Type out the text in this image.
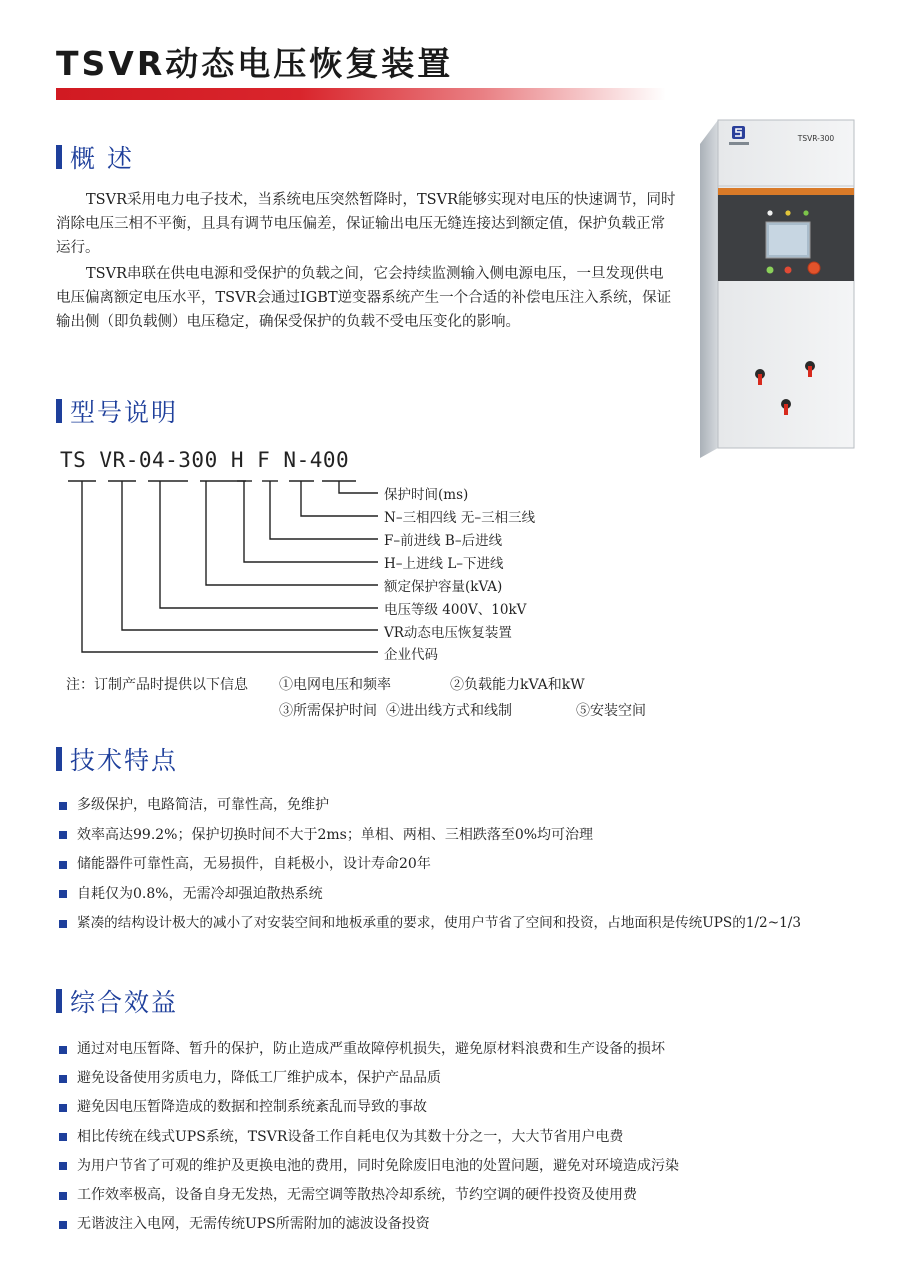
TSVR动态电压恢复装置
概 述

TSVR采用电力电子技术，当系统电压突然暂降时，TSVR能够实现对电压的快速调节，同时消除电压三相不平衡，且具有调节电压偏差，保证输出电压无缝连接达到额定值，保护负载正常运行。

TSVR串联在供电电源和受保护的负载之间，它会持续监测输入侧电源电压，一旦发现供电电压偏离额定电压水平，TSVR会通过IGBT逆变器系统产生一个合适的补偿电压注入系统，保证输出侧（即负载侧）电压稳定，确保受保护的负载不受电压变化的影响。

TSVR-300
型号说明

TS VR-04-300 H F N-400

保护时间(ms)

N–三相四线 无–三相三线

F–前进线 B–后进线

H–上进线 L–下进线

额定保护容量(kVA)

电压等级 400V、10kV

VR动态电压恢复装置

企业代码

注：订制产品时提供以下信息 ①电网电压和频率	②负载能力kVA和kW

③所需保护时间 ④进出线方式和线制	⑤安装空间

技术特点
多级保护，电路简洁，可靠性高，免维护
效率高达99.2%；保护切换时间不大于2ms；单相、两相、三相跌落至0%均可治理
储能器件可靠性高，无易损件，自耗极小，设计寿命20年
自耗仅为0.8%，无需冷却强迫散热系统
紧凑的结构设计极大的减小了对安装空间和地板承重的要求，使用户节省了空间和投资，占地面积是传统UPS的1/2~1/3
综合效益
通过对电压暂降、暂升的保护，防止造成严重故障停机损失，避免原材料浪费和生产设备的损坏
避免设备使用劣质电力，降低工厂维护成本，保护产品品质
避免因电压暂降造成的数据和控制系统紊乱而导致的事故
相比传统在线式UPS系统，TSVR设备工作自耗电仅为其数十分之一，大大节省用户电费
为用户节省了可观的维护及更换电池的费用，同时免除废旧电池的处置问题，避免对环境造成污染
工作效率极高，设备自身无发热，无需空调等散热冷却系统，节约空调的硬件投资及使用费
无谐波注入电网，无需传统UPS所需附加的滤波设备投资
